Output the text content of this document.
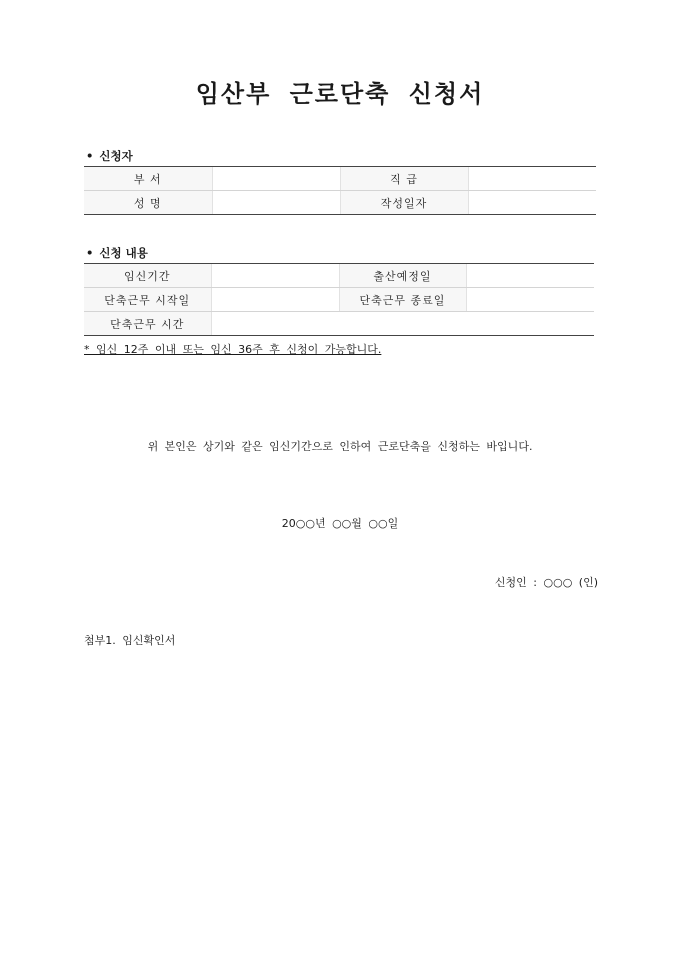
임산부 근로단축 신청서
• 신청자
부 서		직 급	
성 명		작성일자	
• 신청 내용
임신기간		출산예정일	
단축근무 시작일		단축근무 종료일	
단축근무 시간			
* 임신 12주 이내 또는 임신 36주 후 신청이 가능합니다.
위 본인은 상기와 같은 임신기간으로 인하여 근로단축을 신청하는 바입니다.
20○○년 ○○월 ○○일
신청인 : ○○○ (인)
첨부1. 임신확인서
